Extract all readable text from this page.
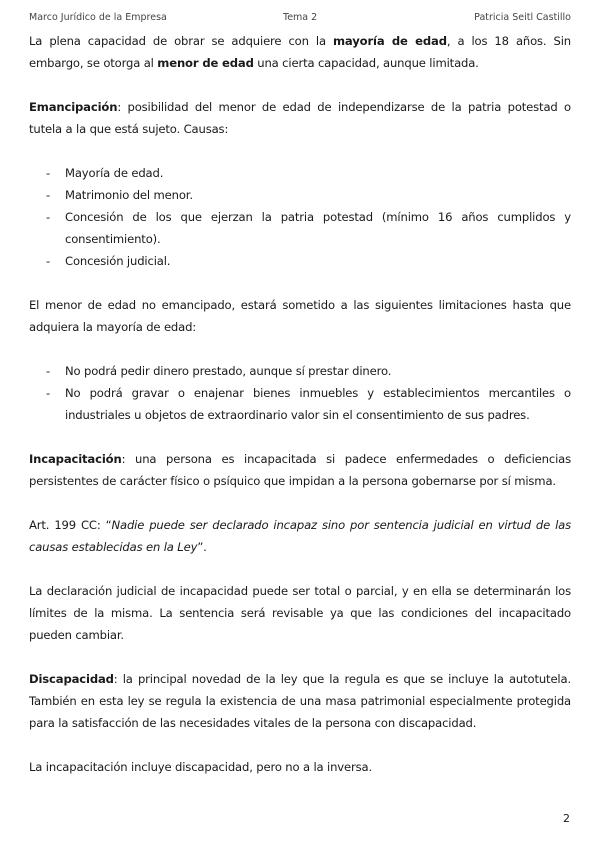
Marco Jurídico de la Empresa	Tema 2	Patricia Seitl Castillo

La plena capacidad de obrar se adquiere con la mayoría de edad, a los 18 años. Sin embargo, se otorga al menor de edad una cierta capacidad, aunque limitada.

Emancipación: posibilidad del menor de edad de independizarse de la patria potestad o tutela a la que está sujeto. Causas:

- Mayoría de edad.
- Matrimonio del menor.
- Concesión de los que ejerzan la patria potestad (mínimo 16 años cumplidos y consentimiento).
- Concesión judicial.

El menor de edad no emancipado, estará sometido a las siguientes limitaciones hasta que adquiera la mayoría de edad:

- No podrá pedir dinero prestado, aunque sí prestar dinero.
- No podrá gravar o enajenar bienes inmuebles y establecimientos mercantiles o industriales u objetos de extraordinario valor sin el consentimiento de sus padres.

Incapacitación: una persona es incapacitada si padece enfermedades o deficiencias persistentes de carácter físico o psíquico que impidan a la persona gobernarse por sí misma.

Art. 199 CC: “Nadie puede ser declarado incapaz sino por sentencia judicial en virtud de las causas establecidas en la Ley”.

La declaración judicial de incapacidad puede ser total o parcial, y en ella se determinarán los límites de la misma. La sentencia será revisable ya que las condiciones del incapacitado pueden cambiar.

Discapacidad: la principal novedad de la ley que la regula es que se incluye la autotutela. También en esta ley se regula la existencia de una masa patrimonial especialmente protegida para la satisfacción de las necesidades vitales de la persona con discapacidad.

La incapacitación incluye discapacidad, pero no a la inversa.

2
